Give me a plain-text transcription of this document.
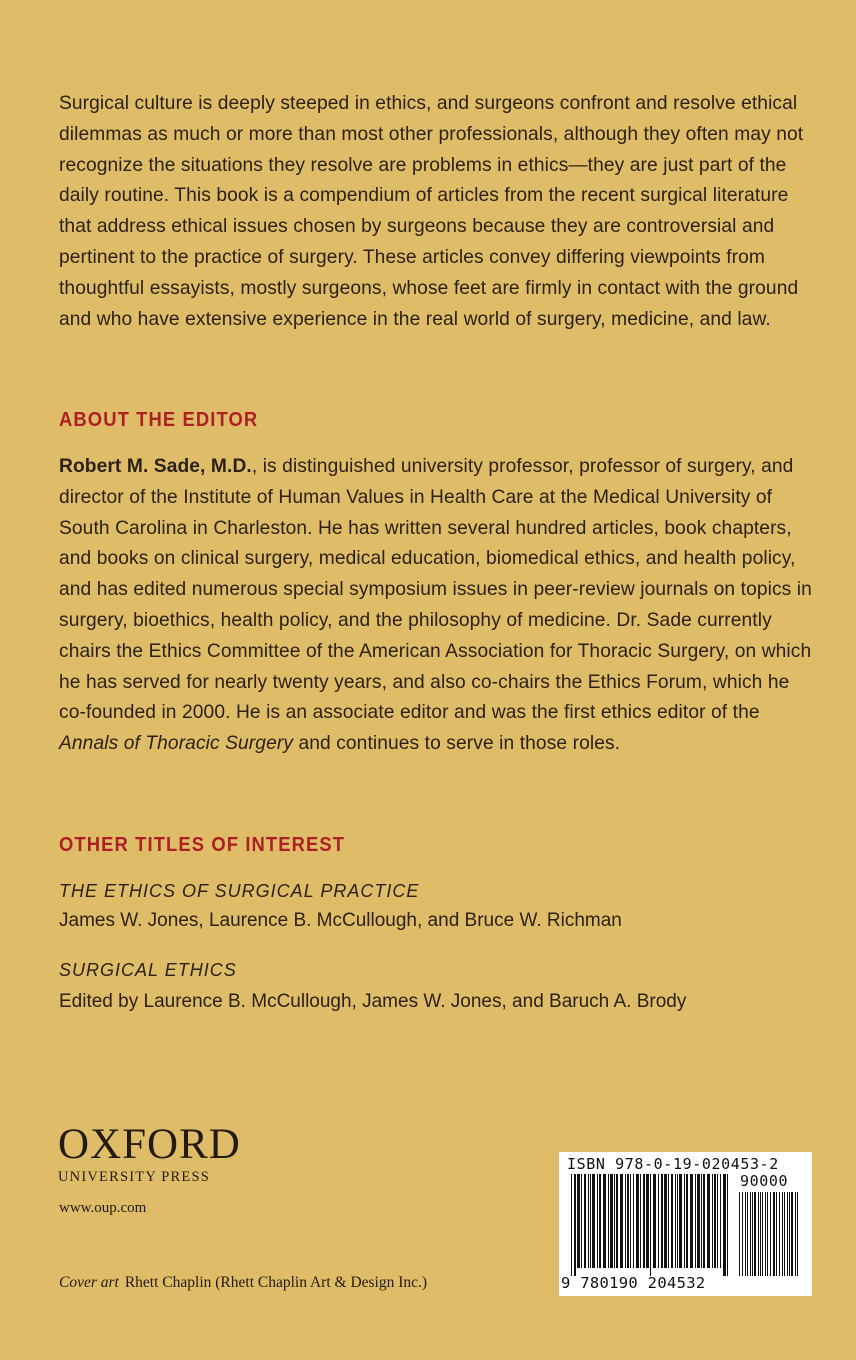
Surgical culture is deeply steeped in ethics, and surgeons confront and resolve ethical dilemmas as much or more than most other professionals, although they often may not recognize the situations they resolve are problems in ethics—they are just part of the daily routine. This book is a compendium of articles from the recent surgical literature that address ethical issues chosen by surgeons because they are controversial and pertinent to the practice of surgery. These articles convey differing viewpoints from thoughtful essayists, mostly surgeons, whose feet are firmly in contact with the ground and who have extensive experience in the real world of surgery, medicine, and law.

ABOUT THE EDITOR

Robert M. Sade, M.D., is distinguished university professor, professor of surgery, and director of the Institute of Human Values in Health Care at the Medical University of South Carolina in Charleston. He has written several hundred articles, book chapters, and books on clinical surgery, medical education, biomedical ethics, and health policy, and has edited numerous special symposium issues in peer-review journals on topics in surgery, bioethics, health policy, and the philosophy of medicine. Dr. Sade currently chairs the Ethics Committee of the American Association for Thoracic Surgery, on which he has served for nearly twenty years, and also co-chairs the Ethics Forum, which he co-founded in 2000. He is an associate editor and was the first ethics editor of the Annals of Thoracic Surgery and continues to serve in those roles.

OTHER TITLES OF INTEREST

THE ETHICS OF SURGICAL PRACTICE

James W. Jones, Laurence B. McCullough, and Bruce W. Richman

SURGICAL ETHICS

Edited by Laurence B. McCullough, James W. Jones, and Baruch A. Brody

OXFORD
UNIVERSITY PRESS
www.oup.com
Cover art Rhett Chaplin (Rhett Chaplin Art & Design Inc.)
ISBN 978-0-19-020453-2
90000
9 780190 204532
